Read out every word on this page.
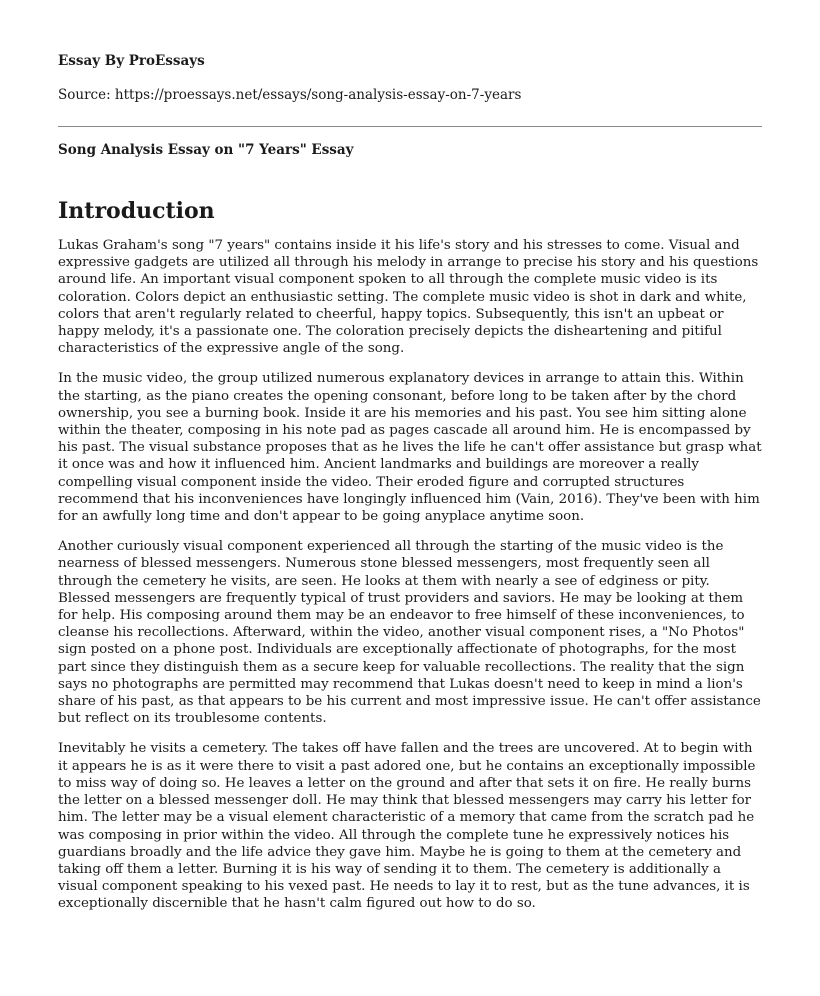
Essay By ProEssays

Source: https://proessays.net/essays/song-analysis-essay-on-7-years

Song Analysis Essay on "7 Years" Essay

Introduction

Lukas Graham's song "7 years" contains inside it his life's story and his stresses to come. Visual and expressive gadgets are utilized all through his melody in arrange to precise his story and his questions around life. An important visual component spoken to all through the complete music video is its coloration. Colors depict an enthusiastic setting. The complete music video is shot in dark and white, colors that aren't regularly related to cheerful, happy topics. Subsequently, this isn't an upbeat or happy melody, it's a passionate one. The coloration precisely depicts the disheartening and pitiful characteristics of the expressive angle of the song.

In the music video, the group utilized numerous explanatory devices in arrange to attain this. Within the starting, as the piano creates the opening consonant, before long to be taken after by the chord ownership, you see a burning book. Inside it are his memories and his past. You see him sitting alone within the theater, composing in his note pad as pages cascade all around him. He is encompassed by his past. The visual substance proposes that as he lives the life he can't offer assistance but grasp what it once was and how it influenced him. Ancient landmarks and buildings are moreover a really compelling visual component inside the video. Their eroded figure and corrupted structures recommend that his inconveniences have longingly influenced him (Vain, 2016). They've been with him for an awfully long time and don't appear to be going anyplace anytime soon.

Another curiously visual component experienced all through the starting of the music video is the nearness of blessed messengers. Numerous stone blessed messengers, most frequently seen all through the cemetery he visits, are seen. He looks at them with nearly a see of edginess or pity. Blessed messengers are frequently typical of trust providers and saviors. He may be looking at them for help. His composing around them may be an endeavor to free himself of these inconveniences, to cleanse his recollections. Afterward, within the video, another visual component rises, a "No Photos" sign posted on a phone post. Individuals are exceptionally affectionate of photographs, for the most part since they distinguish them as a secure keep for valuable recollections. The reality that the sign says no photographs are permitted may recommend that Lukas doesn't need to keep in mind a lion's share of his past, as that appears to be his current and most impressive issue. He can't offer assistance but reflect on its troublesome contents.

Inevitably he visits a cemetery. The takes off have fallen and the trees are uncovered. At to begin with it appears he is as it were there to visit a past adored one, but he contains an exceptionally impossible to miss way of doing so. He leaves a letter on the ground and after that sets it on fire. He really burns the letter on a blessed messenger doll. He may think that blessed messengers may carry his letter for him. The letter may be a visual element characteristic of a memory that came from the scratch pad he was composing in prior within the video. All through the complete tune he expressively notices his guardians broadly and the life advice they gave him. Maybe he is going to them at the cemetery and taking off them a letter. Burning it is his way of sending it to them. The cemetery is additionally a visual component speaking to his vexed past. He needs to lay it to rest, but as the tune advances, it is exceptionally discernible that he hasn't calm figured out how to do so.
